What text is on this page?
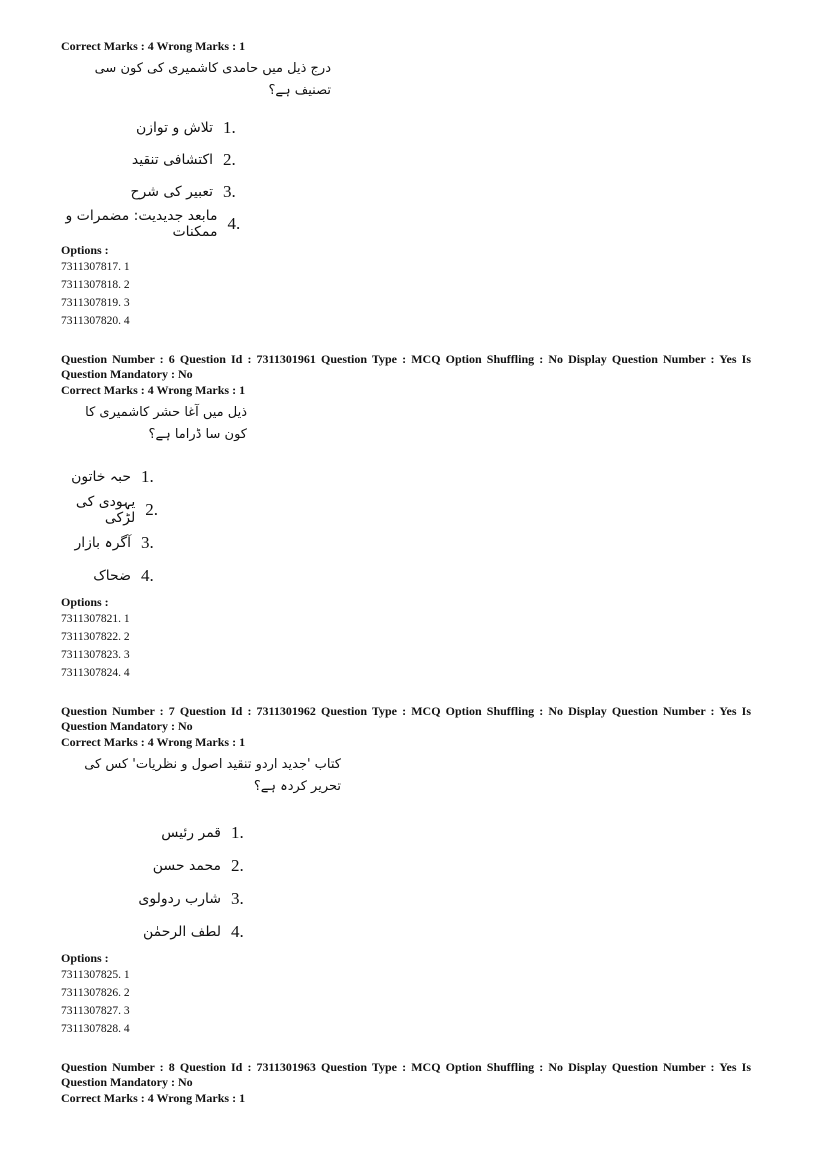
Correct Marks : 4 Wrong Marks : 1
درج ذیل میں حامدی کاشمیری کی کون سی تصنیف ہے؟
تلاش و توازن 1.
اکتشافی تنقید 2.
تعبیر کی شرح 3.
مابعد جدیدیت: مضمرات و ممکنات 4.
Options :
7311307817. 1
7311307818. 2
7311307819. 3
7311307820. 4
Question Number : 6 Question Id : 7311301961 Question Type : MCQ Option Shuffling : No Display Question Number : Yes Is Question Mandatory : No
Correct Marks : 4 Wrong Marks : 1
ذیل میں آغا حشر کاشمیری کا کون سا ڈراما ہے؟
حبہ خاتون 1.
یہودی کی لڑکی 2.
آگرہ بازار 3.
ضحاک 4.
Options :
7311307821. 1
7311307822. 2
7311307823. 3
7311307824. 4
Question Number : 7 Question Id : 7311301962 Question Type : MCQ Option Shuffling : No Display Question Number : Yes Is Question Mandatory : No
Correct Marks : 4 Wrong Marks : 1
کتاب 'جدید اردو تنقید اصول و نظریات' کس کی تحریر کردہ ہے؟
قمر رئیس 1.
محمد حسن 2.
شارب ردولوی 3.
لطف الرحمٰن 4.
Options :
7311307825. 1
7311307826. 2
7311307827. 3
7311307828. 4
Question Number : 8 Question Id : 7311301963 Question Type : MCQ Option Shuffling : No Display Question Number : Yes Is Question Mandatory : No
Correct Marks : 4 Wrong Marks : 1
